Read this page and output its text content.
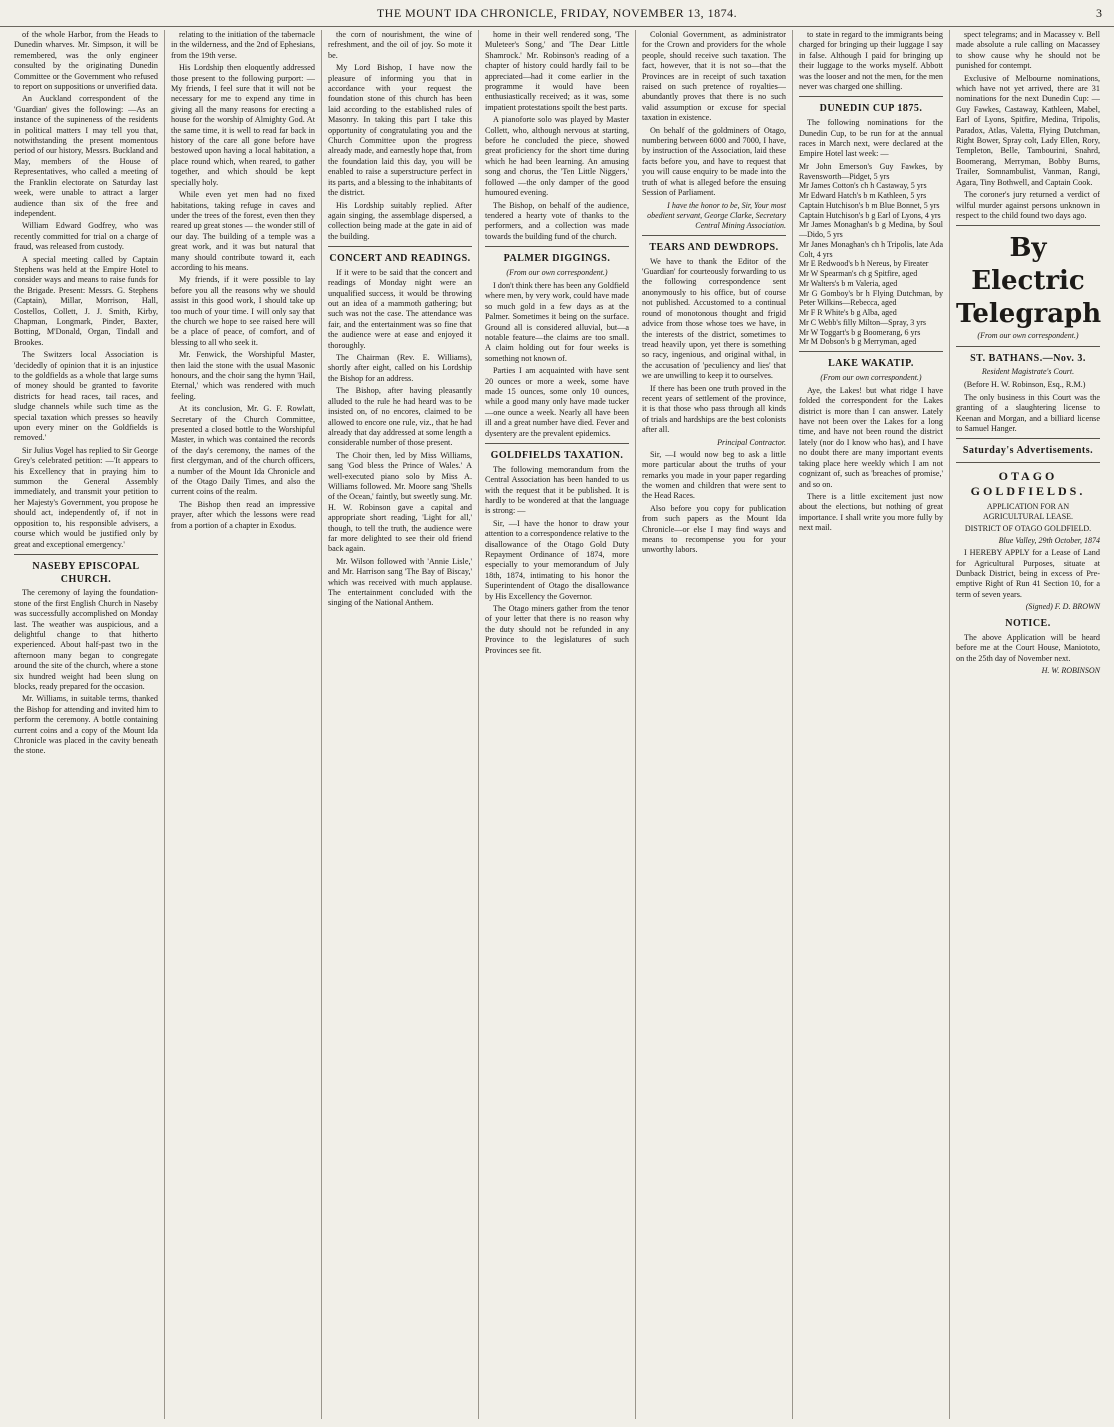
THE MOUNT IDA CHRONICLE, FRIDAY, NOVEMBER 13, 1874.	3

of the whole Harbor, from the Heads to Dunedin wharves. Mr. Simpson, it will be remembered, was the only engineer consulted by the originating Dunedin Committee or the Government who refused to report on suppositions or unverified data.

An Auckland correspondent of the 'Guardian' gives the following: —As an instance of the supineness of the residents in political matters I may tell you that, notwithstanding the present momentous period of our history, Messrs. Buckland and May, members of the House of Representatives, who called a meeting of the Franklin electorate on Saturday last week, were unable to attract a larger audience than six of the free and independent.

William Edward Godfrey, who was recently committed for trial on a charge of fraud, was released from custody.

A special meeting called by Captain Stephens was held at the Empire Hotel to consider ways and means to raise funds for the Brigade. Present: Messrs. G. Stephens (Captain), Millar, Morrison, Hall, Costellos, Collett, J. J. Smith, Kirby, Chapman, Longmark, Pinder, Baxter, Botting, M'Donald, Organ, Tindall and Brookes.

The Switzers local Association is 'decidedly of opinion that it is an injustice to the goldfields as a whole that large sums of money should be granted to favorite districts for head races, tail races, and sludge channels while such time as the special taxation which presses so heavily upon every miner on the Goldfields is removed.'

Sir Julius Vogel has replied to Sir George Grey's celebrated petition: —'It appears to his Excellency that in praying him to summon the General Assembly immediately, and transmit your petition to her Majesty's Government, you propose he should act, independently of, if not in opposition to, his responsible advisers, a course which would be justified only by great and exceptional emergency.'

NASEBY EPISCOPAL CHURCH.

The ceremony of laying the foundation-stone of the first English Church in Naseby was successfully accomplished on Monday last. The weather was auspicious, and a delightful change to that hitherto experienced. About half-past two in the afternoon many began to congregate around the site of the church, where a stone six hundred weight had been slung on blocks, ready prepared for the occasion.

Mr. Williams, in suitable terms, thanked the Bishop for attending and invited him to perform the ceremony. A bottle containing current coins and a copy of the Mount Ida Chronicle was placed in the cavity beneath the stone.

relating to the initiation of the tabernacle in the wilderness, and the 2nd of Ephesians, from the 19th verse.

His Lordship then eloquently addressed those present to the following purport: —My friends, I feel sure that it will not be necessary for me to expend any time in giving all the many reasons for erecting a house for the worship of Almighty God. At the same time, it is well to read far back in history of the care all gone before have bestowed upon having a local habitation, a place round which, when reared, to gather together, and which should be kept specially holy.

While even yet men had no fixed habitations, taking refuge in caves and under the trees of the forest, even then they reared up great stones — the wonder still of our day. The building of a temple was a great work, and it was but natural that many should contribute toward it, each according to his means.

My friends, if it were possible to lay before you all the reasons why we should assist in this good work, I should take up too much of your time. I will only say that the church we hope to see raised here will be a place of peace, of comfort, and of blessing to all who seek it.

Mr. Fenwick, the Worshipful Master, then laid the stone with the usual Masonic honours, and the choir sang the hymn 'Hail, Eternal,' which was rendered with much feeling.

At its conclusion, Mr. G. F. Rowlatt, Secretary of the Church Committee, presented a closed bottle to the Worshipful Master, in which was contained the records of the day's ceremony, the names of the first clergyman, and of the church officers, a number of the Mount Ida Chronicle and of the Otago Daily Times, and also the current coins of the realm.

The Bishop then read an impressive prayer, after which the lessons were read from a portion of a chapter in Exodus.

the corn of nourishment, the wine of refreshment, and the oil of joy. So mote it be.

My Lord Bishop, I have now the pleasure of informing you that in accordance with your request the foundation stone of this church has been laid according to the established rules of Masonry. In taking this part I take this opportunity of congratulating you and the Church Committee upon the progress already made, and earnestly hope that, from the foundation laid this day, you will be enabled to raise a superstructure perfect in its parts, and a blessing to the inhabitants of the district.

His Lordship suitably replied. After again singing, the assemblage dispersed, a collection being made at the gate in aid of the building.

CONCERT AND READINGS.

If it were to be said that the concert and readings of Monday night were an unqualified success, it would be throwing out an idea of a mammoth gathering; but such was not the case. The attendance was fair, and the entertainment was so fine that the audience were at ease and enjoyed it thoroughly.

The Chairman (Rev. E. Williams), shortly after eight, called on his Lordship the Bishop for an address.

The Bishop, after having pleasantly alluded to the rule he had heard was to be insisted on, of no encores, claimed to be allowed to encore one rule, viz., that he had already that day addressed at some length a considerable number of those present.

The Choir then, led by Miss Williams, sang 'God bless the Prince of Wales.' A well-executed piano solo by Miss A. Williams followed. Mr. Moore sang 'Shells of the Ocean,' faintly, but sweetly sung. Mr. H. W. Robinson gave a capital and appropriate short reading, 'Light for all,' though, to tell the truth, the audience were far more delighted to see their old friend back again.

Mr. Wilson followed with 'Annie Lisle,' and Mr. Harrison sang 'The Bay of Biscay,' which was received with much applause. The entertainment concluded with the singing of the National Anthem.

home in their well rendered song, 'The Muleteer's Song,' and 'The Dear Little Shamrock.' Mr. Robinson's reading of a chapter of history could hardly fail to be appreciated—had it come earlier in the programme it would have been enthusiastically received; as it was, some impatient protestations spoilt the best parts.

A pianoforte solo was played by Master Collett, who, although nervous at starting, before he concluded the piece, showed great proficiency for the short time during which he had been learning. An amusing song and chorus, the 'Ten Little Niggers,' followed —the only damper of the good humoured evening.

The Bishop, on behalf of the audience, tendered a hearty vote of thanks to the performers, and a collection was made towards the building fund of the church.

PALMER DIGGINGS.
(From our own correspondent.)

I don't think there has been any Goldfield where men, by very work, could have made so much gold in a few days as at the Palmer. Sometimes it being on the surface. Ground all is considered alluvial, but—a notable feature—the claims are too small. A claim holding out for four weeks is something not known of.

Parties I am acquainted with have sent 20 ounces or more a week, some have made 15 ounces, some only 10 ounces, while a good many only have made tucker—one ounce a week. Nearly all have been ill and a great number have died. Fever and dysentery are the prevalent epidemics.

GOLDFIELDS TAXATION.

The following memorandum from the Central Association has been handed to us with the request that it be published. It is hardly to be wondered at that the language is strong: —

Sir, —I have the honor to draw your attention to a correspondence relative to the disallowance of the Otago Gold Duty Repayment Ordinance of 1874, more especially to your memorandum of July 18th, 1874, intimating to his honor the Superintendent of Otago the disallowance by His Excellency the Governor.

The Otago miners gather from the tenor of your letter that there is no reason why the duty should not be refunded in any Province to the legislatures of such Provinces see fit.

Colonial Government, as administrator for the Crown and providers for the whole people, should receive such taxation. The fact, however, that it is not so—that the Provinces are in receipt of such taxation raised on such pretence of royalties—abundantly proves that there is no such valid assumption or excuse for special taxation in existence.

On behalf of the goldminers of Otago, numbering between 6000 and 7000, I have, by instruction of the Association, laid these facts before you, and have to request that you will cause enquiry to be made into the truth of what is alleged before the ensuing Session of Parliament.

I have the honor to be, Sir, Your most obedient servant, George Clarke, Secretary Central Mining Association.
TEARS AND DEWDROPS.

We have to thank the Editor of the 'Guardian' for courteously forwarding to us the following correspondence sent anonymously to his office, but of course not published. Accustomed to a continual round of monotonous thought and frigid advice from those whose toes we have, in the interests of the district, sometimes to tread heavily upon, yet there is something so racy, ingenious, and original withal, in the accusation of 'peculiency and lies' that we are unwilling to keep it to ourselves.

If there has been one truth proved in the recent years of settlement of the province, it is that those who pass through all kinds of trials and hardships are the best colonists after all.

Principal Contractor.

Sir, —I would now beg to ask a little more particular about the truths of your remarks you made in your paper regarding the women and children that were sent to the Head Races.

Also before you copy for publication from such papers as the Mount Ida Chronicle—or else I may find ways and means to recompense you for your unworthy labors.

to state in regard to the immigrants being charged for bringing up their luggage I say in false. Although I paid for bringing up their luggage to the works myself. Abbott was the looser and not the men, for the men never was charged one shilling.

DUNEDIN CUP 1875.

The following nominations for the Dunedin Cup, to be run for at the annual races in March next, were declared at the Empire Hotel last week: —

Mr John Emerson's Guy Fawkes, by Ravensworth—Pidget, 5 yrs
Mr James Cotton's ch h Castaway, 5 yrs
Mr Edward Hatch's b m Kathleen, 5 yrs
Captain Hutchison's b m Blue Bonnet, 5 yrs
Captain Hutchison's b g Earl of Lyons, 4 yrs
Mr James Monaghan's b g Medina, by Soul —Dido, 5 yrs
Mr Janes Monaghan's ch h Tripolis, late Ada Colt, 4 yrs
Mr E Redwood's b h Nereus, by Fireater
Mr W Spearman's ch g Spitfire, aged
Mr Walters's b m Valeria, aged
Mr G Gomboy's br h Flying Dutchman, by Peter Wilkins—Rebecca, aged
Mr F R White's b g Alba, aged
Mr C Webb's filly Milton—Spray, 3 yrs
Mr W Toggart's b g Boomerang, 6 yrs
Mr M Dobson's b g Merryman, aged
LAKE WAKATIP.
(From our own correspondent.)

Aye, the Lakes! but what ridge I have folded the correspondent for the Lakes district is more than I can answer. Lately have not been over the Lakes for a long time, and have not been round the district lately (nor do I know who has), and I have no doubt there are many important events taking place here weekly which I am not cognizant of, such as 'breaches of promise,' and so on.

There is a little excitement just now about the elections, but nothing of great importance. I shall write you more fully by next mail.

spect telegrams; and in Macassey v. Bell made absolute a rule calling on Macassey to show cause why he should not be punished for contempt.

Exclusive of Melbourne nominations, which have not yet arrived, there are 31 nominations for the next Dunedin Cup: —Guy Fawkes, Castaway, Kathleen, Mabel, Earl of Lyons, Spitfire, Medina, Tripolis, Paradox, Atlas, Valetta, Flying Dutchman, Right Bower, Spray colt, Lady Ellen, Rory, Templeton, Belle, Tambourini, Snahrd, Boomerang, Merryman, Bobby Burns, Trailer, Somnambulist, Vanman, Rangi, Agara, Tiny Bothwell, and Captain Cook.

The coroner's jury returned a verdict of wilful murder against persons unknown in respect to the child found two days ago.

By Electric Telegraph
(From our own correspondent.)
ST. BATHANS.—Nov. 3.
Resident Magistrate's Court.

(Before H. W. Robinson, Esq., R.M.)

The only business in this Court was the granting of a slaughtering license to Keenan and Morgan, and a billiard license to Samuel Hanger.

Saturday's Advertisements.
OTAGO GOLDFIELDS.
APPLICATION FOR AN AGRICULTURAL LEASE.
DISTRICT OF OTAGO GOLDFIELD.
Blue Valley, 29th October, 1874

I HEREBY APPLY for a Lease of Land for Agricultural Purposes, situate at Dunback District, being in excess of Pre-emptive Right of Run 41 Section 10, for a term of seven years.

(Signed) F. D. BROWN
NOTICE.

The above Application will be heard before me at the Court House, Maniototo, on the 25th day of November next.

H. W. ROBINSON
